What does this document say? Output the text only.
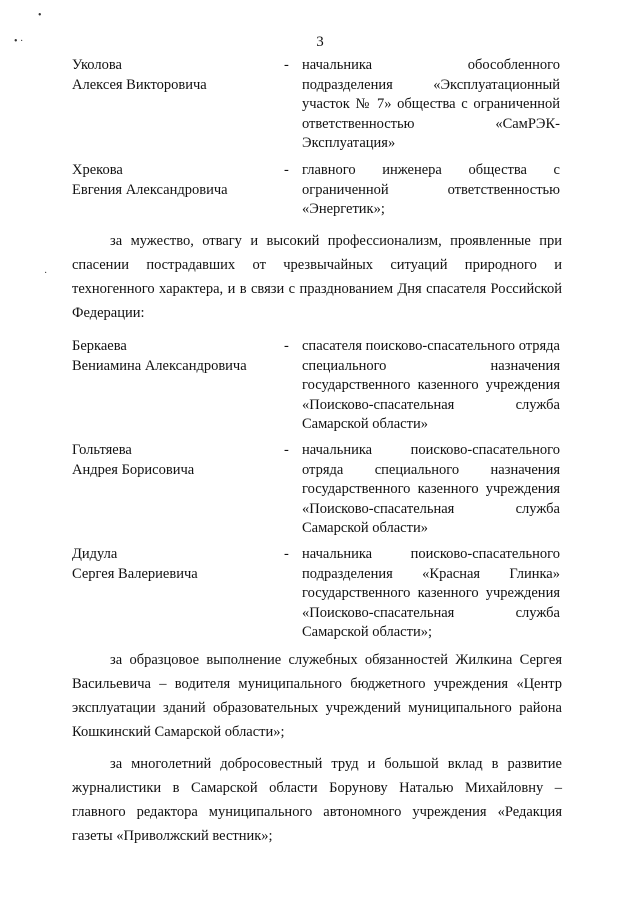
•
• ·
·
3
Уколова
Алексея Викторовича
- начальника обособленного подразделения «Эксплуатационный участок № 7» общества с ограниченной ответственностью «СамРЭК-Эксплуатация»
Хрекова
Евгения Александровича
- главного инженера общества с ограниченной ответственностью «Энергетик»;
за мужество, отвагу и высокий профессионализм, проявленные при спасении пострадавших от чрезвычайных ситуаций природного и техногенного характера, и в связи с празднованием Дня спасателя Российской Федерации:
Беркаева
Вениамина Александровича
- спасателя поисково-спасательного отряда специального назначения государственного казенного учреждения «Поисково-спасательная служба Самарской области»
Гольтяева
Андрея Борисовича
- начальника поисково-спасательного отряда специального назначения государственного казенного учреждения «Поисково-спасательная служба Самарской области»
Дидула
Сергея Валериевича
- начальника поисково-спасательного подразделения «Красная Глинка» государственного казенного учреждения «Поисково-спасательная служба Самарской области»;
за образцовое выполнение служебных обязанностей Жилкина Сергея Васильевича – водителя муниципального бюджетного учреждения «Центр эксплуатации зданий образовательных учреждений муниципального района Кошкинский Самарской области»;
за многолетний добросовестный труд и большой вклад в развитие журналистики в Самарской области Борунову Наталью Михайловну – главного редактора муниципального автономного учреждения «Редакция газеты «Приволжский вестник»;
